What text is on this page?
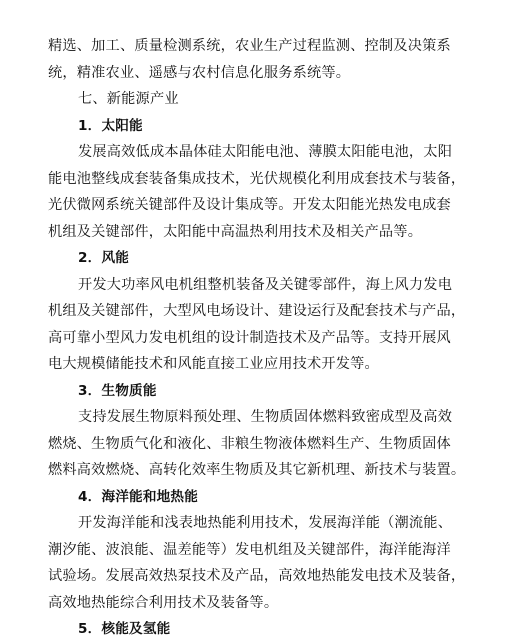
精选、加工、质量检测系统，农业生产过程监测、控制及决策系
统，精准农业、遥感与农村信息化服务系统等。
七、新能源产业
1．太阳能
发展高效低成本晶体硅太阳能电池、薄膜太阳能电池，太阳
能电池整线成套装备集成技术，光伏规模化利用成套技术与装备，
光伏微网系统关键部件及设计集成等。开发太阳能光热发电成套
机组及关键部件，太阳能中高温热利用技术及相关产品等。
2．风能
开发大功率风电机组整机装备及关键零部件，海上风力发电
机组及关键部件，大型风电场设计、建设运行及配套技术与产品，
高可靠小型风力发电机组的设计制造技术及产品等。支持开展风
电大规模储能技术和风能直接工业应用技术开发等。
3．生物质能
支持发展生物原料预处理、生物质固体燃料致密成型及高效
燃烧、生物质气化和液化、非粮生物液体燃料生产、生物质固体
燃料高效燃烧、高转化效率生物质及其它新机理、新技术与装置。
4．海洋能和地热能
开发海洋能和浅表地热能利用技术，发展海洋能（潮流能、
潮汐能、波浪能、温差能等）发电机组及关键部件，海洋能海洋
试验场。发展高效热泵技术及产品，高效地热能发电技术及装备，
高效地热能综合利用技术及装备等。
5．核能及氢能
